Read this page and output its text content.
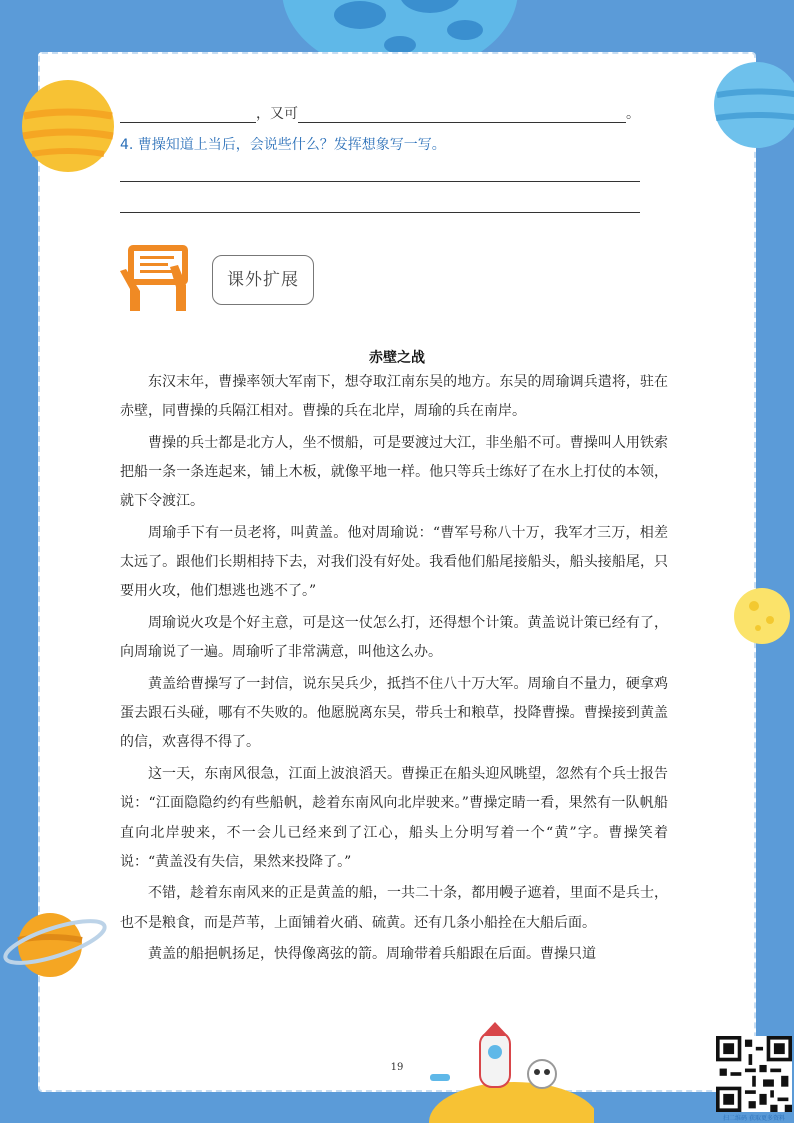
，又可	。
4. 曹操知道上当后，会说些什么？发挥想象写一写。
课外扩展
赤壁之战

东汉末年，曹操率领大军南下，想夺取江南东吴的地方。东吴的周瑜调兵遣将，驻在赤壁，同曹操的兵隔江相对。曹操的兵在北岸，周瑜的兵在南岸。

曹操的兵士都是北方人，坐不惯船，可是要渡过大江，非坐船不可。曹操叫人用铁索把船一条一条连起来，铺上木板，就像平地一样。他只等兵士练好了在水上打仗的本领，就下令渡江。

周瑜手下有一员老将，叫黄盖。他对周瑜说：“曹军号称八十万，我军才三万，相差太远了。跟他们长期相持下去，对我们没有好处。我看他们船尾接船头，船头接船尾，只要用火攻，他们想逃也逃不了。”

周瑜说火攻是个好主意，可是这一仗怎么打，还得想个计策。黄盖说计策已经有了，向周瑜说了一遍。周瑜听了非常满意，叫他这么办。

黄盖给曹操写了一封信，说东吴兵少，抵挡不住八十万大军。周瑜自不量力，硬拿鸡蛋去跟石头碰，哪有不失败的。他愿脱离东吴，带兵士和粮草，投降曹操。曹操接到黄盖的信，欢喜得不得了。

这一天，东南风很急，江面上波浪滔天。曹操正在船头迎风眺望，忽然有个兵士报告说：“江面隐隐约约有些船帆，趁着东南风向北岸驶来。”曹操定睛一看，果然有一队帆船直向北岸驶来，不一会儿已经来到了江心，船头上分明写着一个“黄”字。曹操笑着说：“黄盖没有失信，果然来投降了。”

不错，趁着东南风来的正是黄盖的船，一共二十条，都用幔子遮着，里面不是兵士，也不是粮食，而是芦苇，上面铺着火硝、硫黄。还有几条小船拴在大船后面。

黄盖的船挹帆扬足，快得像离弦的箭。周瑜带着兵船跟在后面。曹操只道

19
扫二维码 获取更多资料
